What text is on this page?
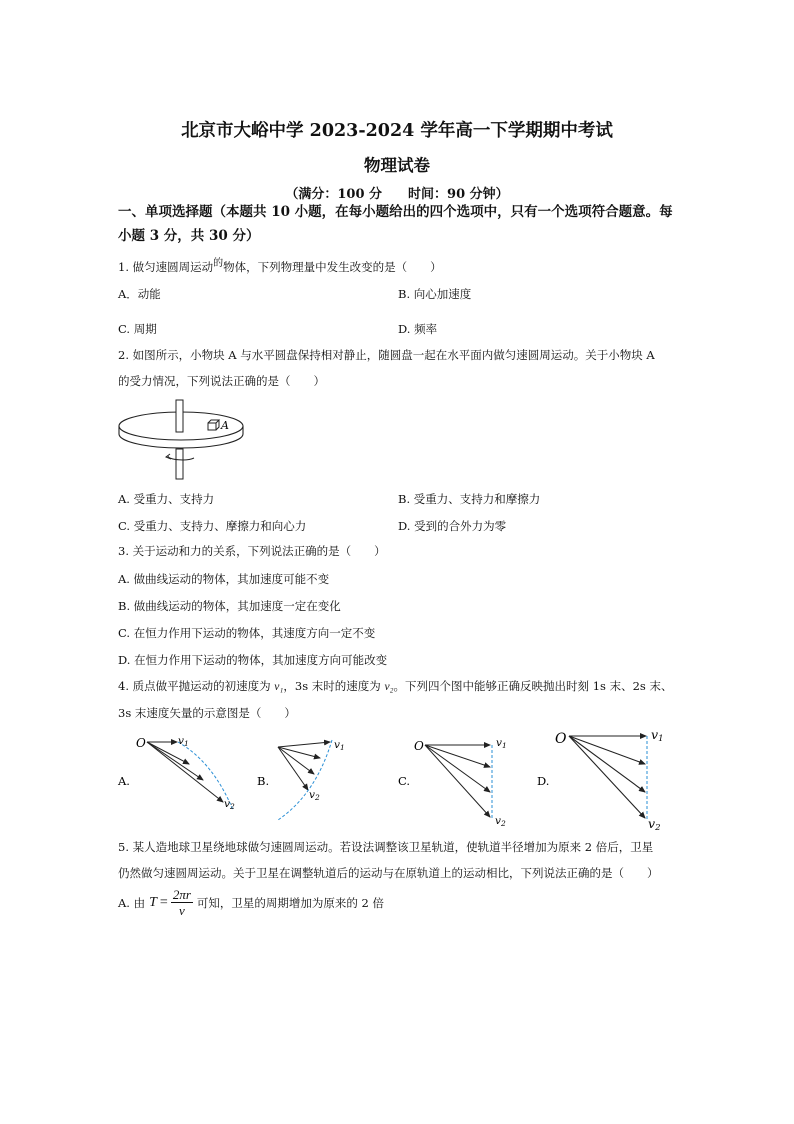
北京市大峪中学 2023-2024 学年高一下学期期中考试
物理试卷
（满分：100 分　　时间：90 分钟）
一、单项选择题（本题共 10 小题，在每小题给出的四个选项中，只有一个选项符合题意。每
小题 3 分，共 30 分）
1. 做匀速圆周运动$^的$物体，下列物理量中发生改变的是（　　）
A．动能	B. 向心加速度
C. 周期	D. 频率
2. 如图所示，小物块 A 与水平圆盘保持相对静止，随圆盘一起在水平面内做匀速圆周运动。关于小物块 A
的受力情况，下列说法正确的是（　　）
A
A. 受重力、支持力	B. 受重力、支持力和摩擦力
C. 受重力、支持力、摩擦力和向心力	D. 受到的合外力为零
3. 关于运动和力的关系，下列说法正确的是（　　）
A. 做曲线运动的物体，其加速度可能不变
B. 做曲线运动的物体，其加速度一定在变化
C. 在恒力作用下运动的物体，其速度方向一定不变
D. 在恒力作用下运动的物体，其加速度方向可能改变
4. 质点做平抛运动的初速度为 v₁，3s 末时的速度为 v₂。下列四个图中能够正确反映抛出时刻 1s 末、2s 末、
3s 末速度矢量的示意图是（　　）
O	v1
v2
A.
v1
v2
B.
O	v1
v2
C.
O	v1
v2
D.
5. 某人造地球卫星绕地球做匀速圆周运动。若设法调整该卫星轨道，使轨道半径增加为原来 2 倍后，卫星
仍然做匀速圆周运动。关于卫星在调整轨道后的运动与在原轨道上的运动相比，下列说法正确的是（　　）
A. 由 $T = \frac{2\pi r}{v}$ 可知，卫星的周期增加为原来的 2 倍
